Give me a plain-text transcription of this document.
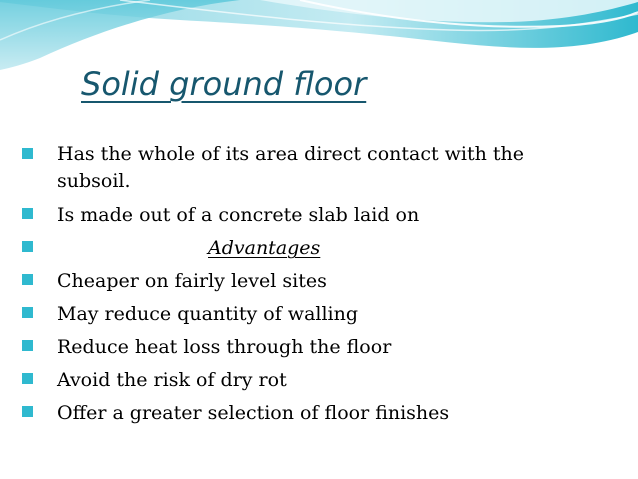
Solid ground floor
Has the whole of its area direct contact with the
subsoil.
Is made out of a concrete slab laid on
Advantages
Cheaper on fairly level sites
May reduce quantity of walling
Reduce heat loss through the floor
Avoid the risk of dry rot
Offer a greater selection of floor finishes
